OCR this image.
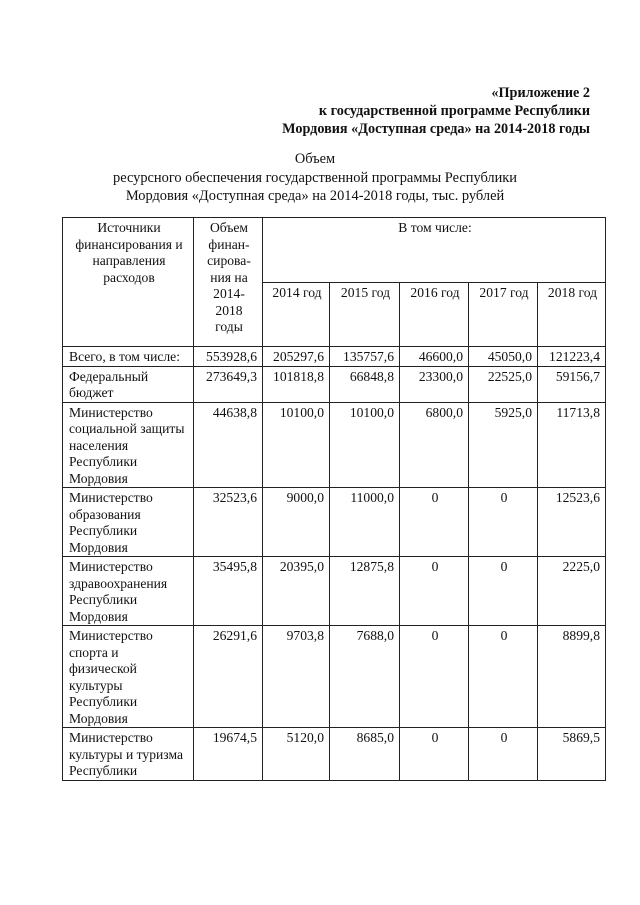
«Приложение 2
к государственной программе Республики
Мордовия «Доступная среда» на 2014-2018 годы
Объем
ресурсного обеспечения государственной программы Республики
Мордовия «Доступная среда» на 2014-2018 годы, тыс. рублей
Источники финансирования и направления расходов	Объем финан-сирова-ния на 2014-2018 годы	В том числе:				
		2014 год	2015 год	2016 год	2017 год	2018 год
Всего, в том числе:	553928,6	205297,6	135757,6	46600,0	45050,0	121223,4
Федеральный бюджет	273649,3	101818,8	66848,8	23300,0	22525,0	59156,7
Министерство социальной защиты населения Республики Мордовия	44638,8	10100,0	10100,0	6800,0	5925,0	11713,8
Министерство образования Республики Мордовия	32523,6	9000,0	11000,0	0	0	12523,6
Министерство здравоохранения Республики Мордовия	35495,8	20395,0	12875,8	0	0	2225,0
Министерство спорта и физической культуры Республики Мордовия	26291,6	9703,8	7688,0	0	0	8899,8
Министерство культуры и туризма Республики	19674,5	5120,0	8685,0	0	0	5869,5
